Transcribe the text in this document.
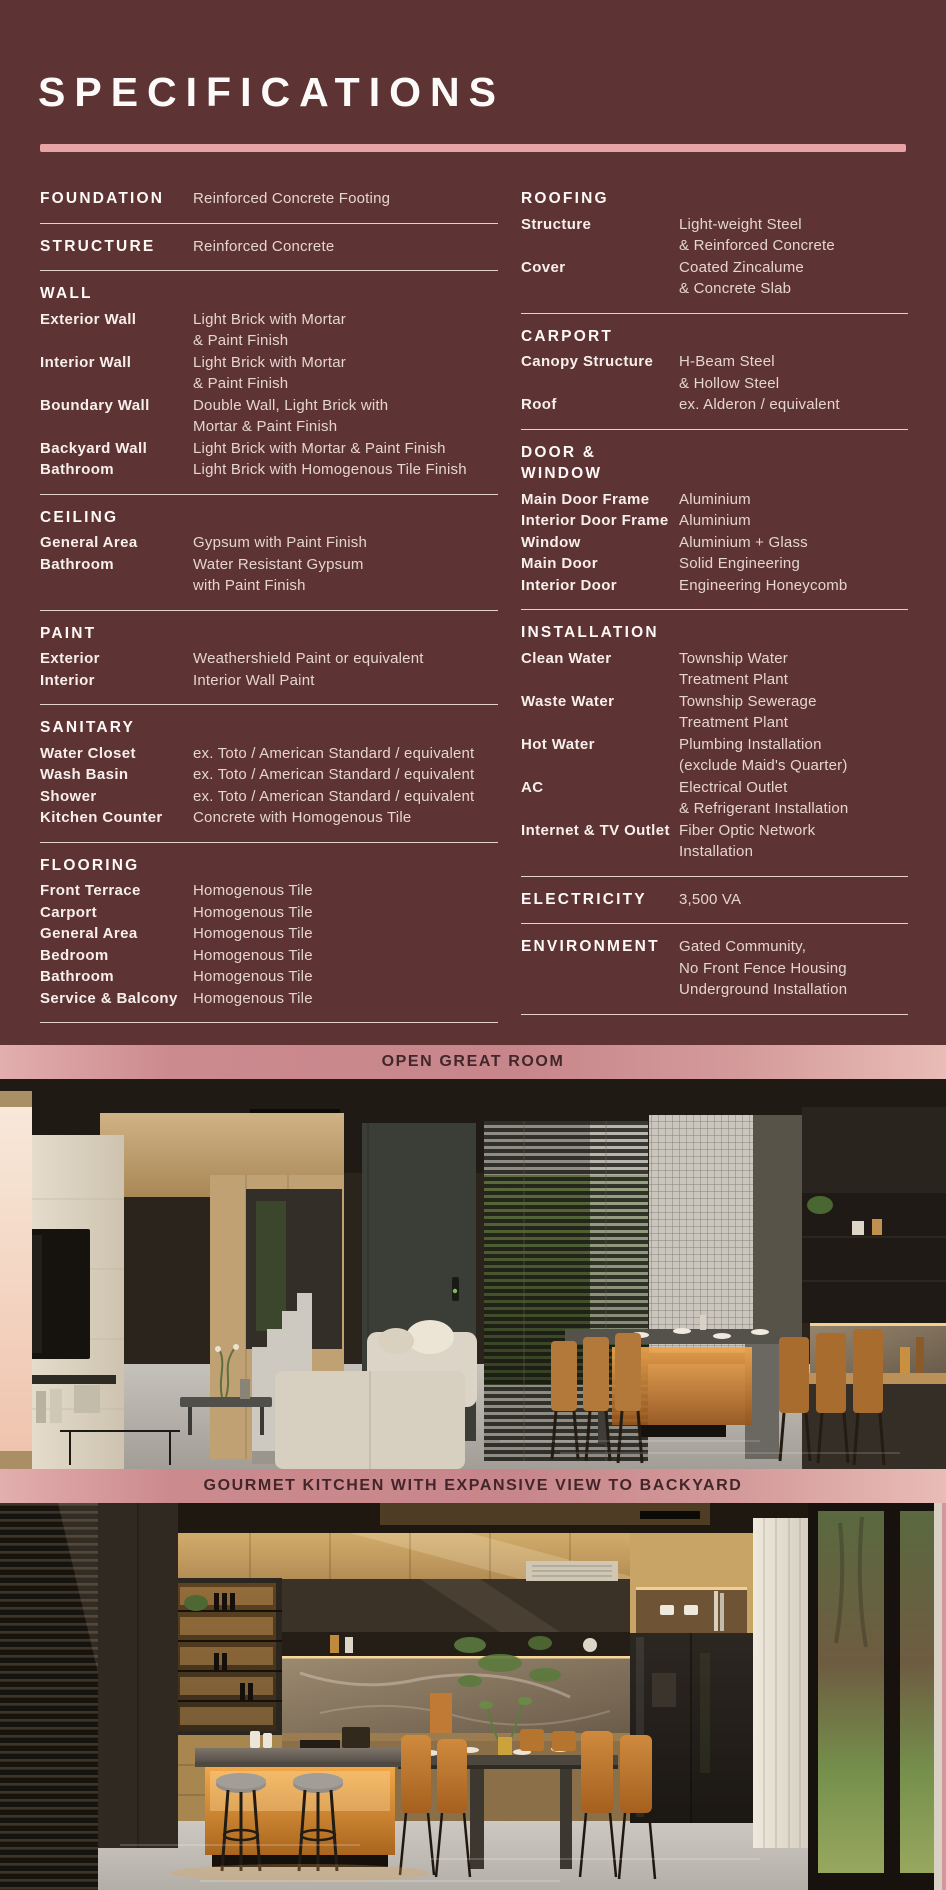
SPECIFICATIONS
FOUNDATION	Reinforced Concrete Footing
STRUCTURE	Reinforced Concrete
WALL
Exterior Wall	Light Brick with Mortar
& Paint Finish
Interior Wall	Light Brick with Mortar
& Paint Finish
Boundary Wall	Double Wall, Light Brick with
Mortar & Paint Finish
Backyard Wall	Light Brick with Mortar & Paint Finish
Bathroom	Light Brick with Homogenous Tile Finish
CEILING
General Area	Gypsum with Paint Finish
Bathroom	Water Resistant Gypsum
with Paint Finish
PAINT
Exterior	Weathershield Paint or equivalent
Interior	Interior Wall Paint
SANITARY
Water Closet	ex. Toto / American Standard / equivalent
Wash Basin	ex. Toto / American Standard / equivalent
Shower	ex. Toto / American Standard / equivalent
Kitchen Counter	Concrete with Homogenous Tile
FLOORING
Front Terrace	Homogenous Tile
Carport	Homogenous Tile
General Area	Homogenous Tile
Bedroom	Homogenous Tile
Bathroom	Homogenous Tile
Service & Balcony	Homogenous Tile
ROOFING
Structure	Light-weight Steel
& Reinforced Concrete
Cover	Coated Zincalume
& Concrete Slab
CARPORT
Canopy Structure	H-Beam Steel
& Hollow Steel
Roof	ex. Alderon / equivalent
DOOR & WINDOW
Main Door Frame	Aluminium
Interior Door Frame Aluminium
Window	Aluminium + Glass
Main Door	Solid Engineering
Interior Door	Engineering Honeycomb
INSTALLATION
Clean Water	Township Water
Treatment Plant
Waste Water	Township Sewerage
Treatment Plant
Hot Water	Plumbing Installation
(exclude Maid's Quarter)
AC	Electrical Outlet
& Refrigerant Installation
Internet & TV Outlet Fiber Optic Network
Installation
ELECTRICITY	3,500 VA
ENVIRONMENT	Gated Community,
No Front Fence Housing
Underground Installation
OPEN GREAT ROOM
GOURMET KITCHEN WITH EXPANSIVE VIEW TO BACKYARD
